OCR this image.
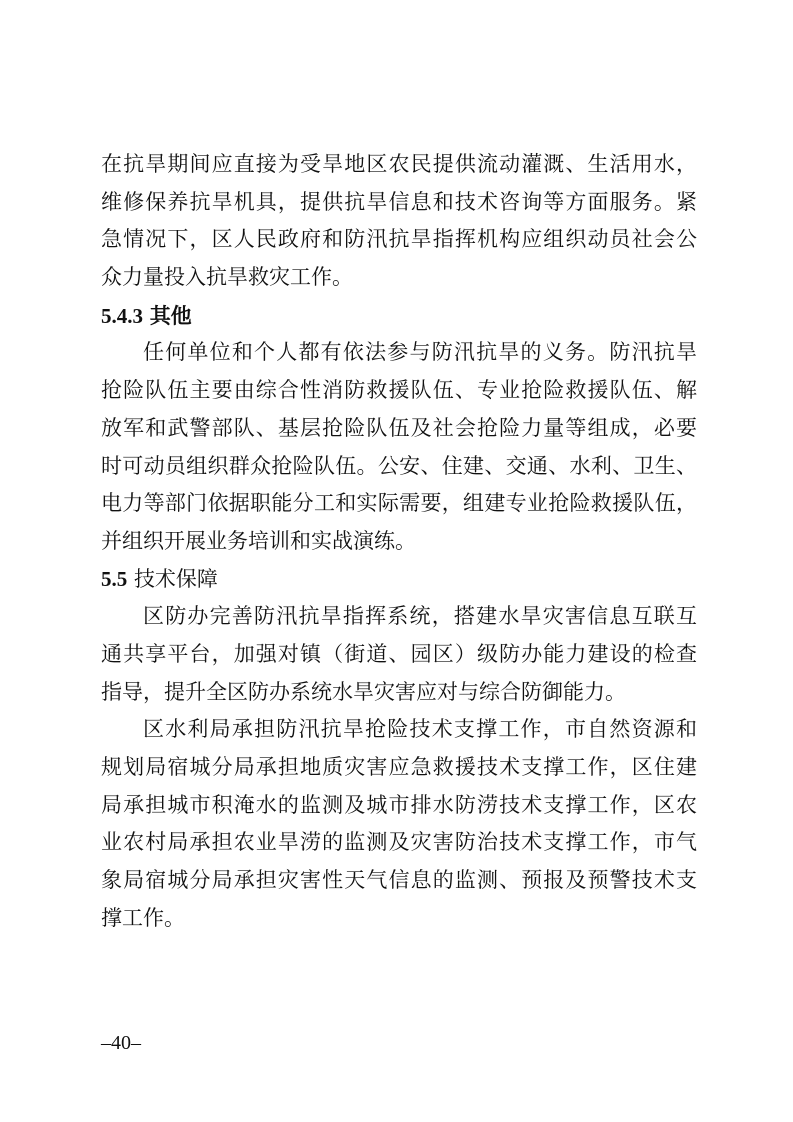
在抗旱期间应直接为受旱地区农民提供流动灌溉、生活用水，
维修保养抗旱机具，提供抗旱信息和技术咨询等方面服务。紧
急情况下，区人民政府和防汛抗旱指挥机构应组织动员社会公
众力量投入抗旱救灾工作。
5.4.3 其他
任何单位和个人都有依法参与防汛抗旱的义务。防汛抗旱
抢险队伍主要由综合性消防救援队伍、专业抢险救援队伍、解
放军和武警部队、基层抢险队伍及社会抢险力量等组成，必要
时可动员组织群众抢险队伍。公安、住建、交通、水利、卫生、
电力等部门依据职能分工和实际需要，组建专业抢险救援队伍，
并组织开展业务培训和实战演练。
5.5 技术保障
区防办完善防汛抗旱指挥系统，搭建水旱灾害信息互联互
通共享平台，加强对镇（街道、园区）级防办能力建设的检查
指导，提升全区防办系统水旱灾害应对与综合防御能力。
区水利局承担防汛抗旱抢险技术支撑工作，市自然资源和
规划局宿城分局承担地质灾害应急救援技术支撑工作，区住建
局承担城市积淹水的监测及城市排水防涝技术支撑工作，区农
业农村局承担农业旱涝的监测及灾害防治技术支撑工作，市气
象局宿城分局承担灾害性天气信息的监测、预报及预警技术支
撑工作。
–40–
